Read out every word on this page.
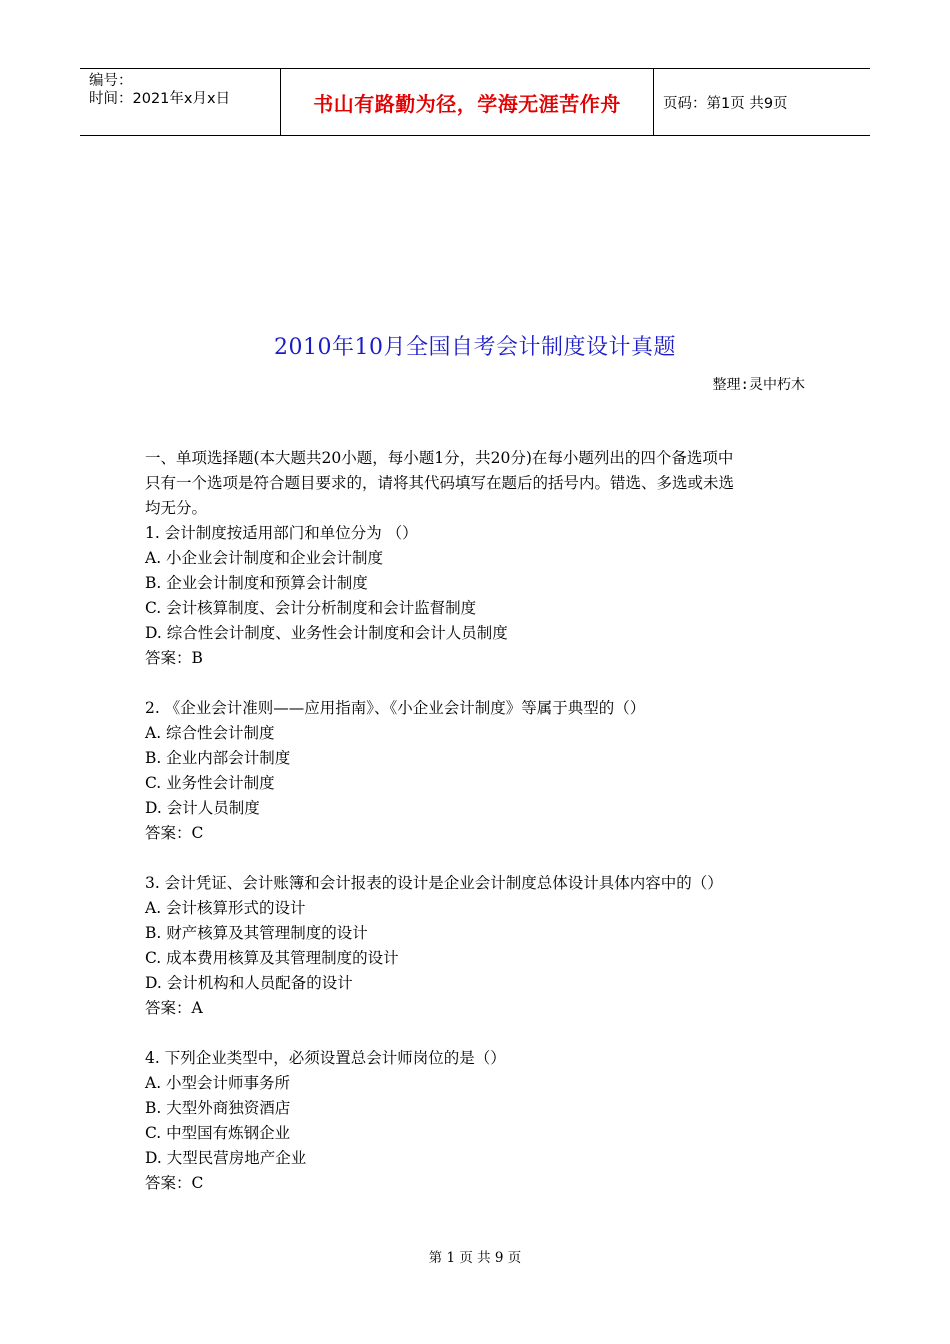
编号：
时间：2021年x月x日	书山有路勤为径，学海无涯苦作舟	页码：第1页 共9页
2010年10月全国自考会计制度设计真题
整理:灵中朽木

一、单项选择题(本大题共20小题，每小题1分，共20分)在每小题列出的四个备选项中

只有一个选项是符合题目要求的，请将其代码填写在题后的括号内。错选、多选或未选

均无分。

1. 会计制度按适用部门和单位分为 （）

A. 小企业会计制度和企业会计制度

B. 企业会计制度和预算会计制度

C. 会计核算制度、会计分析制度和会计监督制度

D. 综合性会计制度、业务性会计制度和会计人员制度

答案：B

2. 《企业会计准则——应用指南》、《小企业会计制度》等属于典型的（）

A. 综合性会计制度

B. 企业内部会计制度

C. 业务性会计制度

D. 会计人员制度

答案：C

3. 会计凭证、会计账簿和会计报表的设计是企业会计制度总体设计具体内容中的（）

A. 会计核算形式的设计

B. 财产核算及其管理制度的设计

C. 成本费用核算及其管理制度的设计

D. 会计机构和人员配备的设计

答案：A

4. 下列企业类型中，必须设置总会计师岗位的是（）

A. 小型会计师事务所

B. 大型外商独资酒店

C. 中型国有炼钢企业

D. 大型民营房地产企业

答案：C

第 1 页 共 9 页
